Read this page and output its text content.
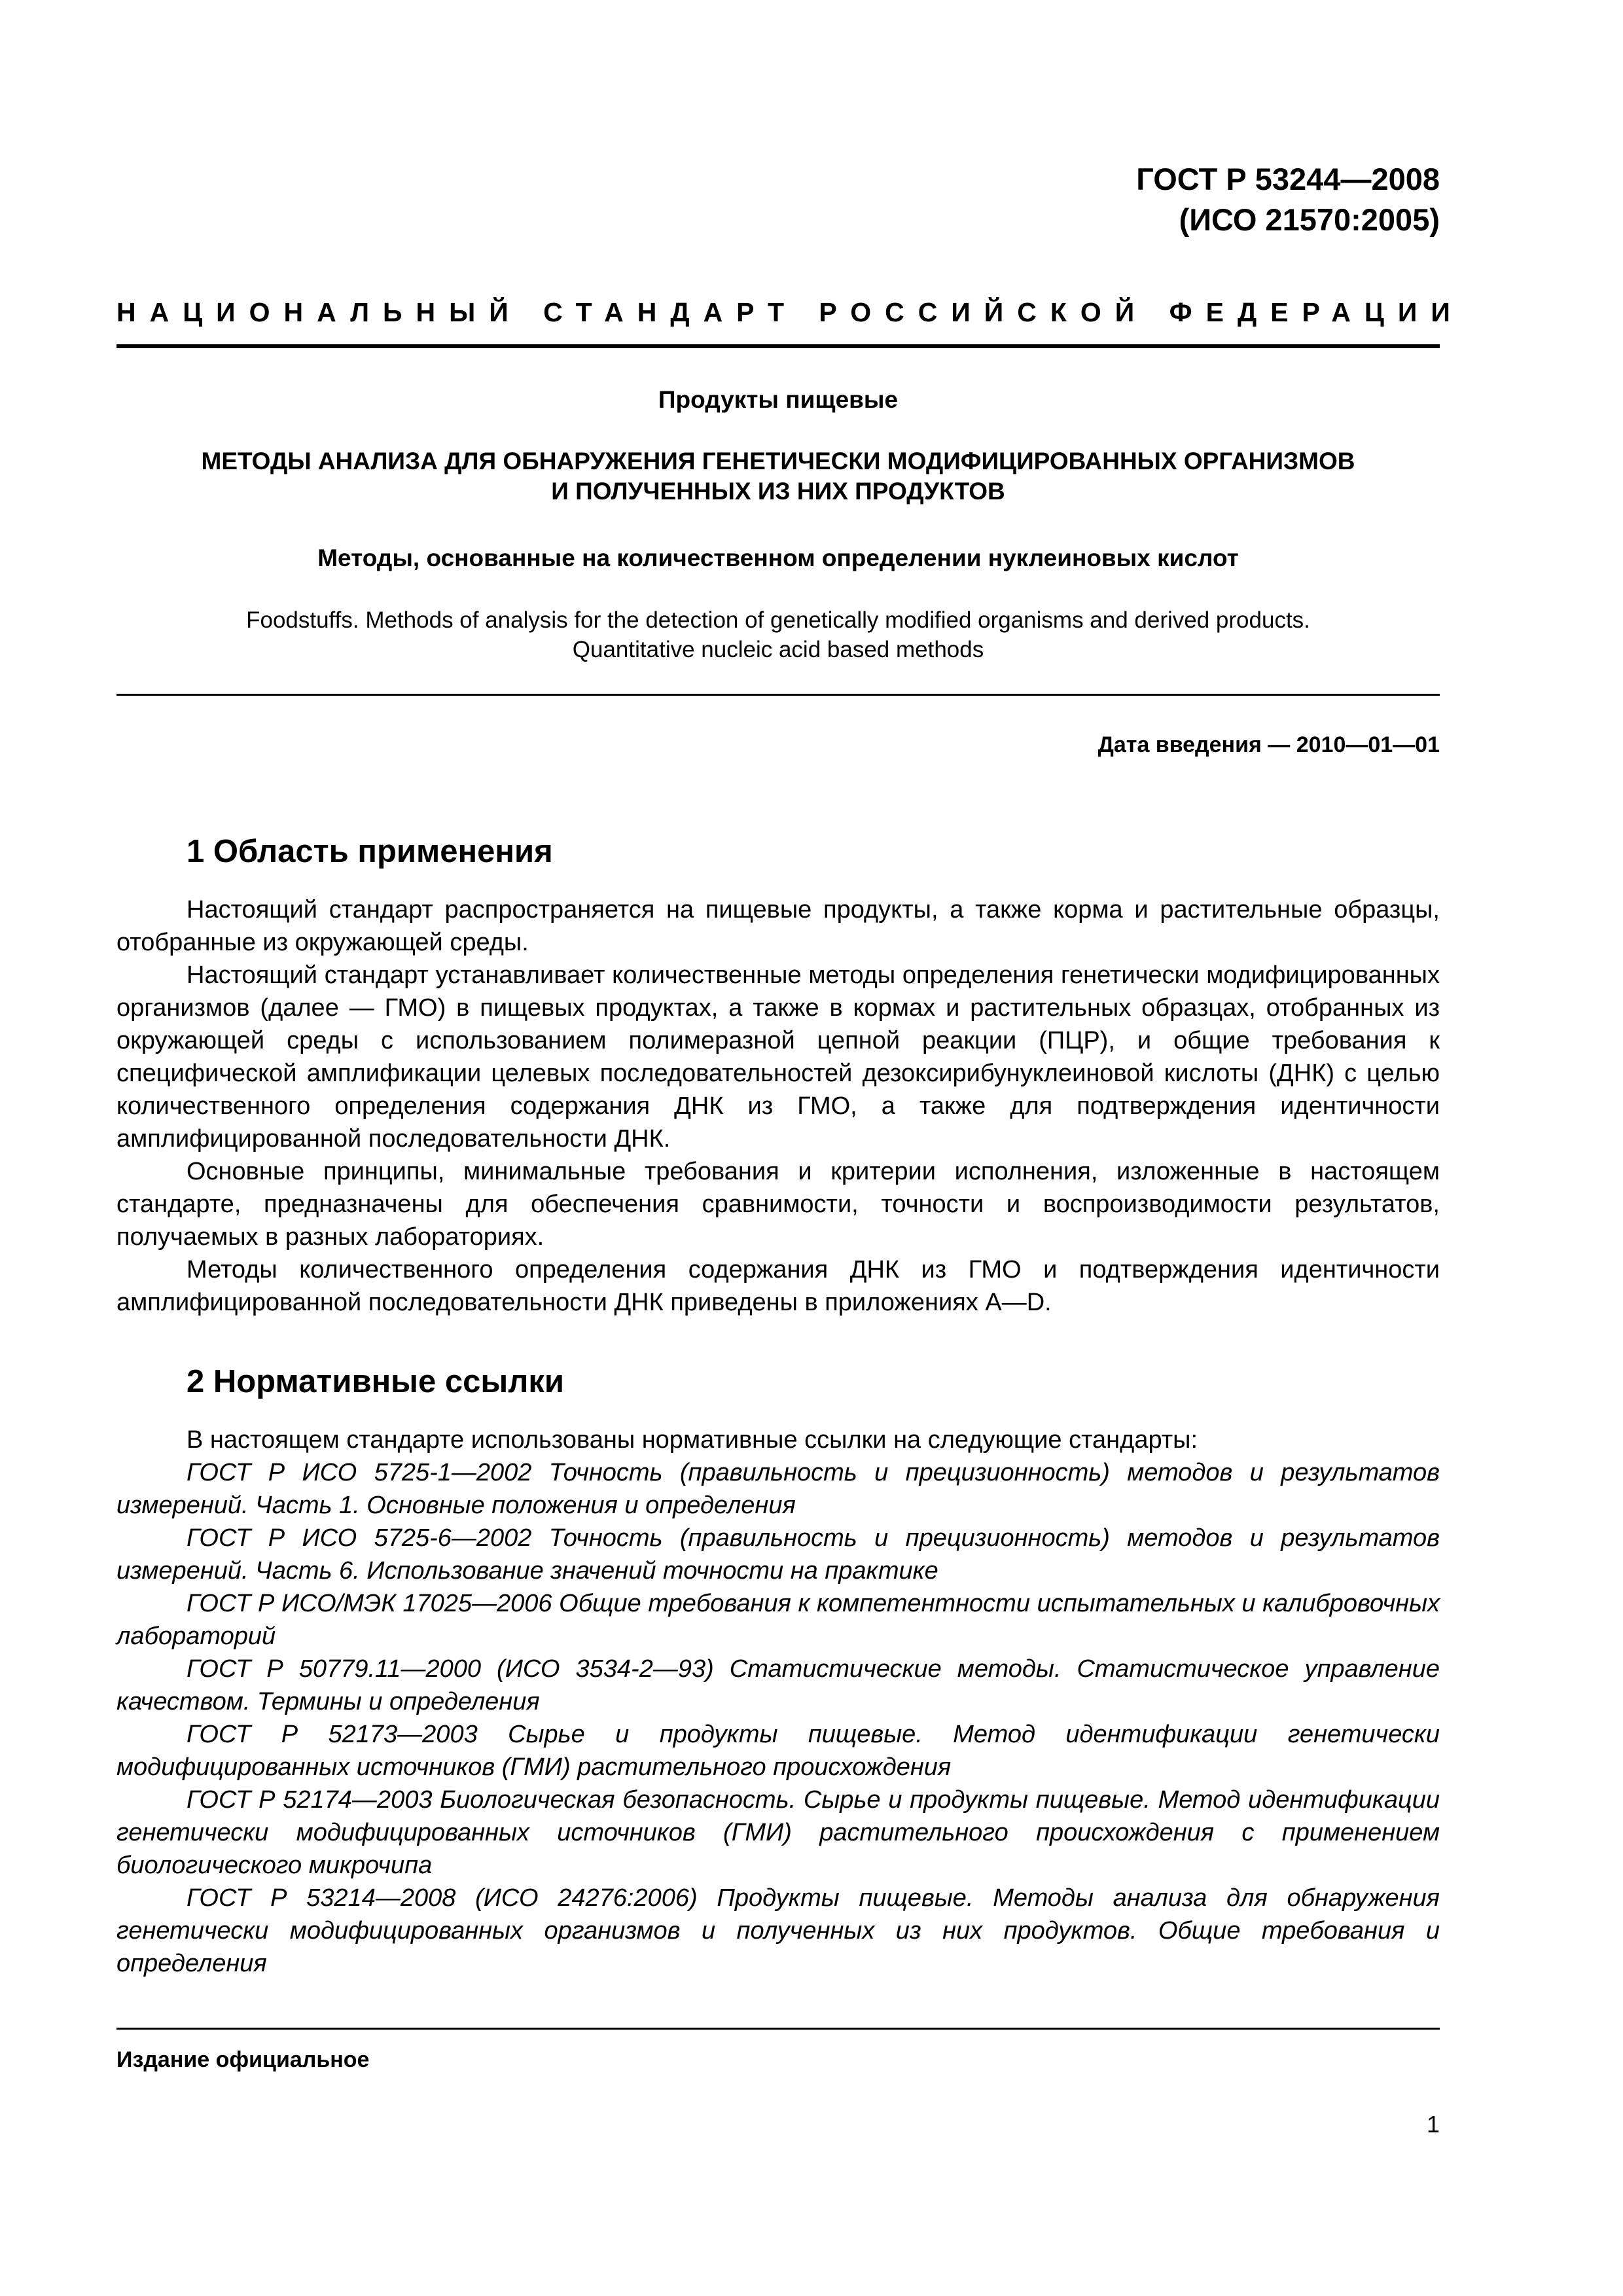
ГОСТ Р 53244—2008
(ИСО 21570:2005)
НАЦИОНАЛЬНЫЙ СТАНДАРТ РОССИЙСКОЙ ФЕДЕРАЦИИ
Продукты пищевые
МЕТОДЫ АНАЛИЗА ДЛЯ ОБНАРУЖЕНИЯ ГЕНЕТИЧЕСКИ МОДИФИЦИРОВАННЫХ ОРГАНИЗМОВ
И ПОЛУЧЕННЫХ ИЗ НИХ ПРОДУКТОВ
Методы, основанные на количественном определении нуклеиновых кислот
Foodstuffs. Methods of analysis for the detection of genetically modified organisms and derived products.
Quantitative nucleic acid based methods
Дата введения — 2010—01—01
1 Область применения

Настоящий стандарт распространяется на пищевые продукты, а также корма и растительные образцы, отобранные из окружающей среды.

Настоящий стандарт устанавливает количественные методы определения генетически модифицированных организмов (далее — ГМО) в пищевых продуктах, а также в кормах и растительных образцах, отобранных из окружающей среды с использованием полимеразной цепной реакции (ПЦР), и общие требования к специфической амплификации целевых последовательностей дезоксирибунуклеиновой кислоты (ДНК) с целью количественного определения содержания ДНК из ГМО, а также для подтверждения идентичности амплифицированной последовательности ДНК.

Основные принципы, минимальные требования и критерии исполнения, изложенные в настоящем стандарте, предназначены для обеспечения сравнимости, точности и воспроизводимости результатов, получаемых в разных лабораториях.

Методы количественного определения содержания ДНК из ГМО и подтверждения идентичности амплифицированной последовательности ДНК приведены в приложениях А—D.

2 Нормативные ссылки

В настоящем стандарте использованы нормативные ссылки на следующие стандарты:

ГОСТ Р ИСО 5725-1—2002 Точность (правильность и прецизионность) методов и результатов измерений. Часть 1. Основные положения и определения

ГОСТ Р ИСО 5725-6—2002 Точность (правильность и прецизионность) методов и результатов измерений. Часть 6. Использование значений точности на практике

ГОСТ Р ИСО/МЭК 17025—2006 Общие требования к компетентности испытательных и калибровочных лабораторий

ГОСТ Р 50779.11—2000 (ИСО 3534-2—93) Статистические методы. Статистическое управление качеством. Термины и определения

ГОСТ Р 52173—2003 Сырье и продукты пищевые. Метод идентификации генетически модифицированных источников (ГМИ) растительного происхождения

ГОСТ Р 52174—2003 Биологическая безопасность. Сырье и продукты пищевые. Метод идентификации генетически модифицированных источников (ГМИ) растительного происхождения с применением биологического микрочипа

ГОСТ Р 53214—2008 (ИСО 24276:2006) Продукты пищевые. Методы анализа для обнаружения генетически модифицированных организмов и полученных из них продуктов. Общие требования и определения

Издание официальное
1
